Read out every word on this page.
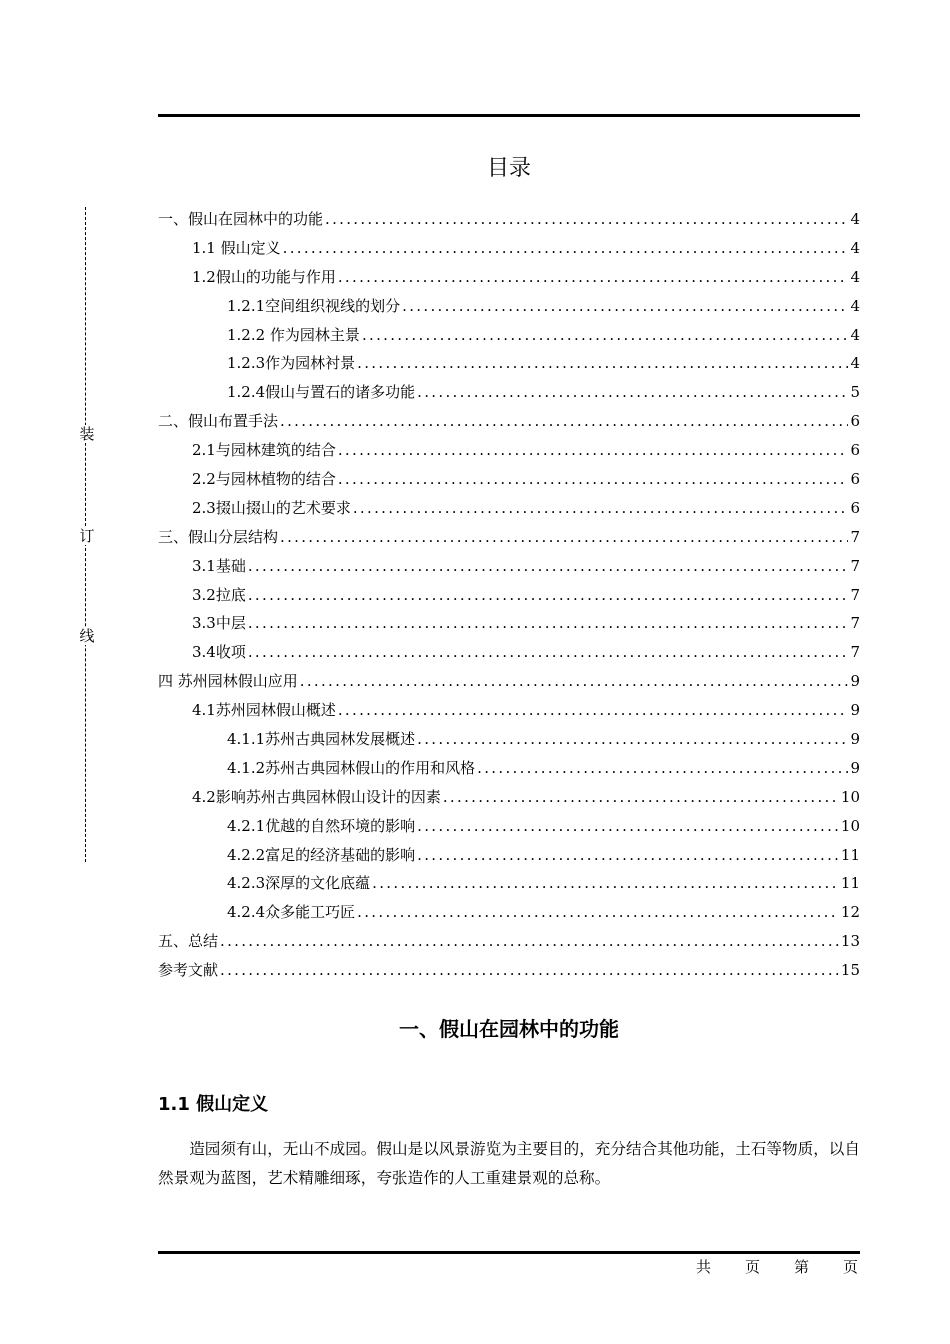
装
订
线
目录
一、假山在园林中的功能 .....	4
1.1 假山定义 .....	4
1.2假山的功能与作用 .....	4
1.2.1空间组织视线的划分 .....	4
1.2.2 作为园林主景 .....	4
1.2.3作为园林衬景 .....	4
1.2.4假山与置石的诸多功能 .....	5
二、假山布置手法 .....	6
2.1与园林建筑的结合 .....	6
2.2与园林植物的结合 .....	6
2.3掇山掇山的艺术要求 .....	6
三、假山分层结构 .....	7
3.1基础 .....	7
3.2拉底 .....	7
3.3中层 .....	7
3.4收项 .....	7
四 苏州园林假山应用 .....	9
4.1苏州园林假山概述 .....	9
4.1.1苏州古典园林发展概述 .....	9
4.1.2苏州古典园林假山的作用和风格 .....	9
4.2影响苏州古典园林假山设计的因素 .....	10
4.2.1优越的自然环境的影响 .....	10
4.2.2富足的经济基础的影响 .....	11
4.2.3深厚的文化底蕴 .....	11
4.2.4众多能工巧匠 .....	12
五、总结 .....	13
参考文献 .....	15
一、假山在园林中的功能
1.1 假山定义

造园须有山，无山不成园。假山是以风景游览为主要目的，充分结合其他功能，土石等物质，以自然景观为蓝图，艺术精雕细琢，夸张造作的人工重建景观的总称。

共 页 第 页
